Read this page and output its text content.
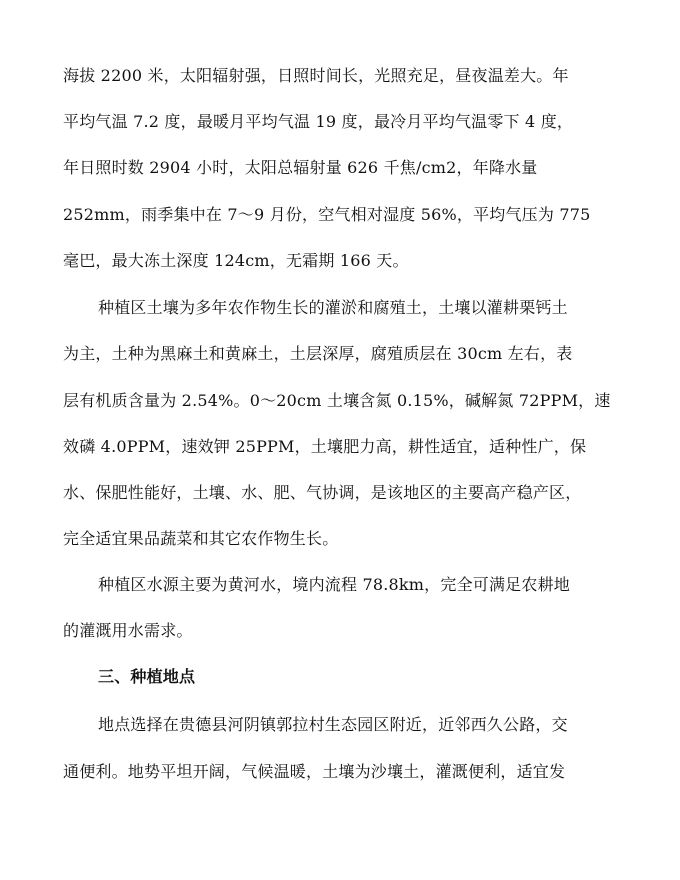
海拔 2200 米，太阳辐射强，日照时间长，光照充足，昼夜温差大。年
平均气温 7.2 度，最暖月平均气温 19 度，最冷月平均气温零下 4 度，
年日照时数 2904 小时，太阳总辐射量 626 千焦/cm2，年降水量
252mm，雨季集中在 7～9 月份，空气相对湿度 56%，平均气压为 775
毫巴，最大冻土深度 124cm，无霜期 166 天。
种植区土壤为多年农作物生长的灌淤和腐殖土，土壤以灌耕栗钙土
为主，土种为黑麻土和黄麻土，土层深厚，腐殖质层在 30cm 左右，表
层有机质含量为 2.54%。0～20cm 土壤含氮 0.15%，碱解氮 72PPM，速
效磷 4.0PPM，速效钾 25PPM，土壤肥力高，耕性适宜，适种性广，保
水、保肥性能好，土壤、水、肥、气协调，是该地区的主要高产稳产区，
完全适宜果品蔬菜和其它农作物生长。
种植区水源主要为黄河水，境内流程 78.8km，完全可满足农耕地
的灌溉用水需求。
三、种植地点
地点选择在贵德县河阴镇郭拉村生态园区附近，近邻西久公路，交
通便利。地势平坦开阔，气候温暖，土壤为沙壤土，灌溉便利，适宜发
